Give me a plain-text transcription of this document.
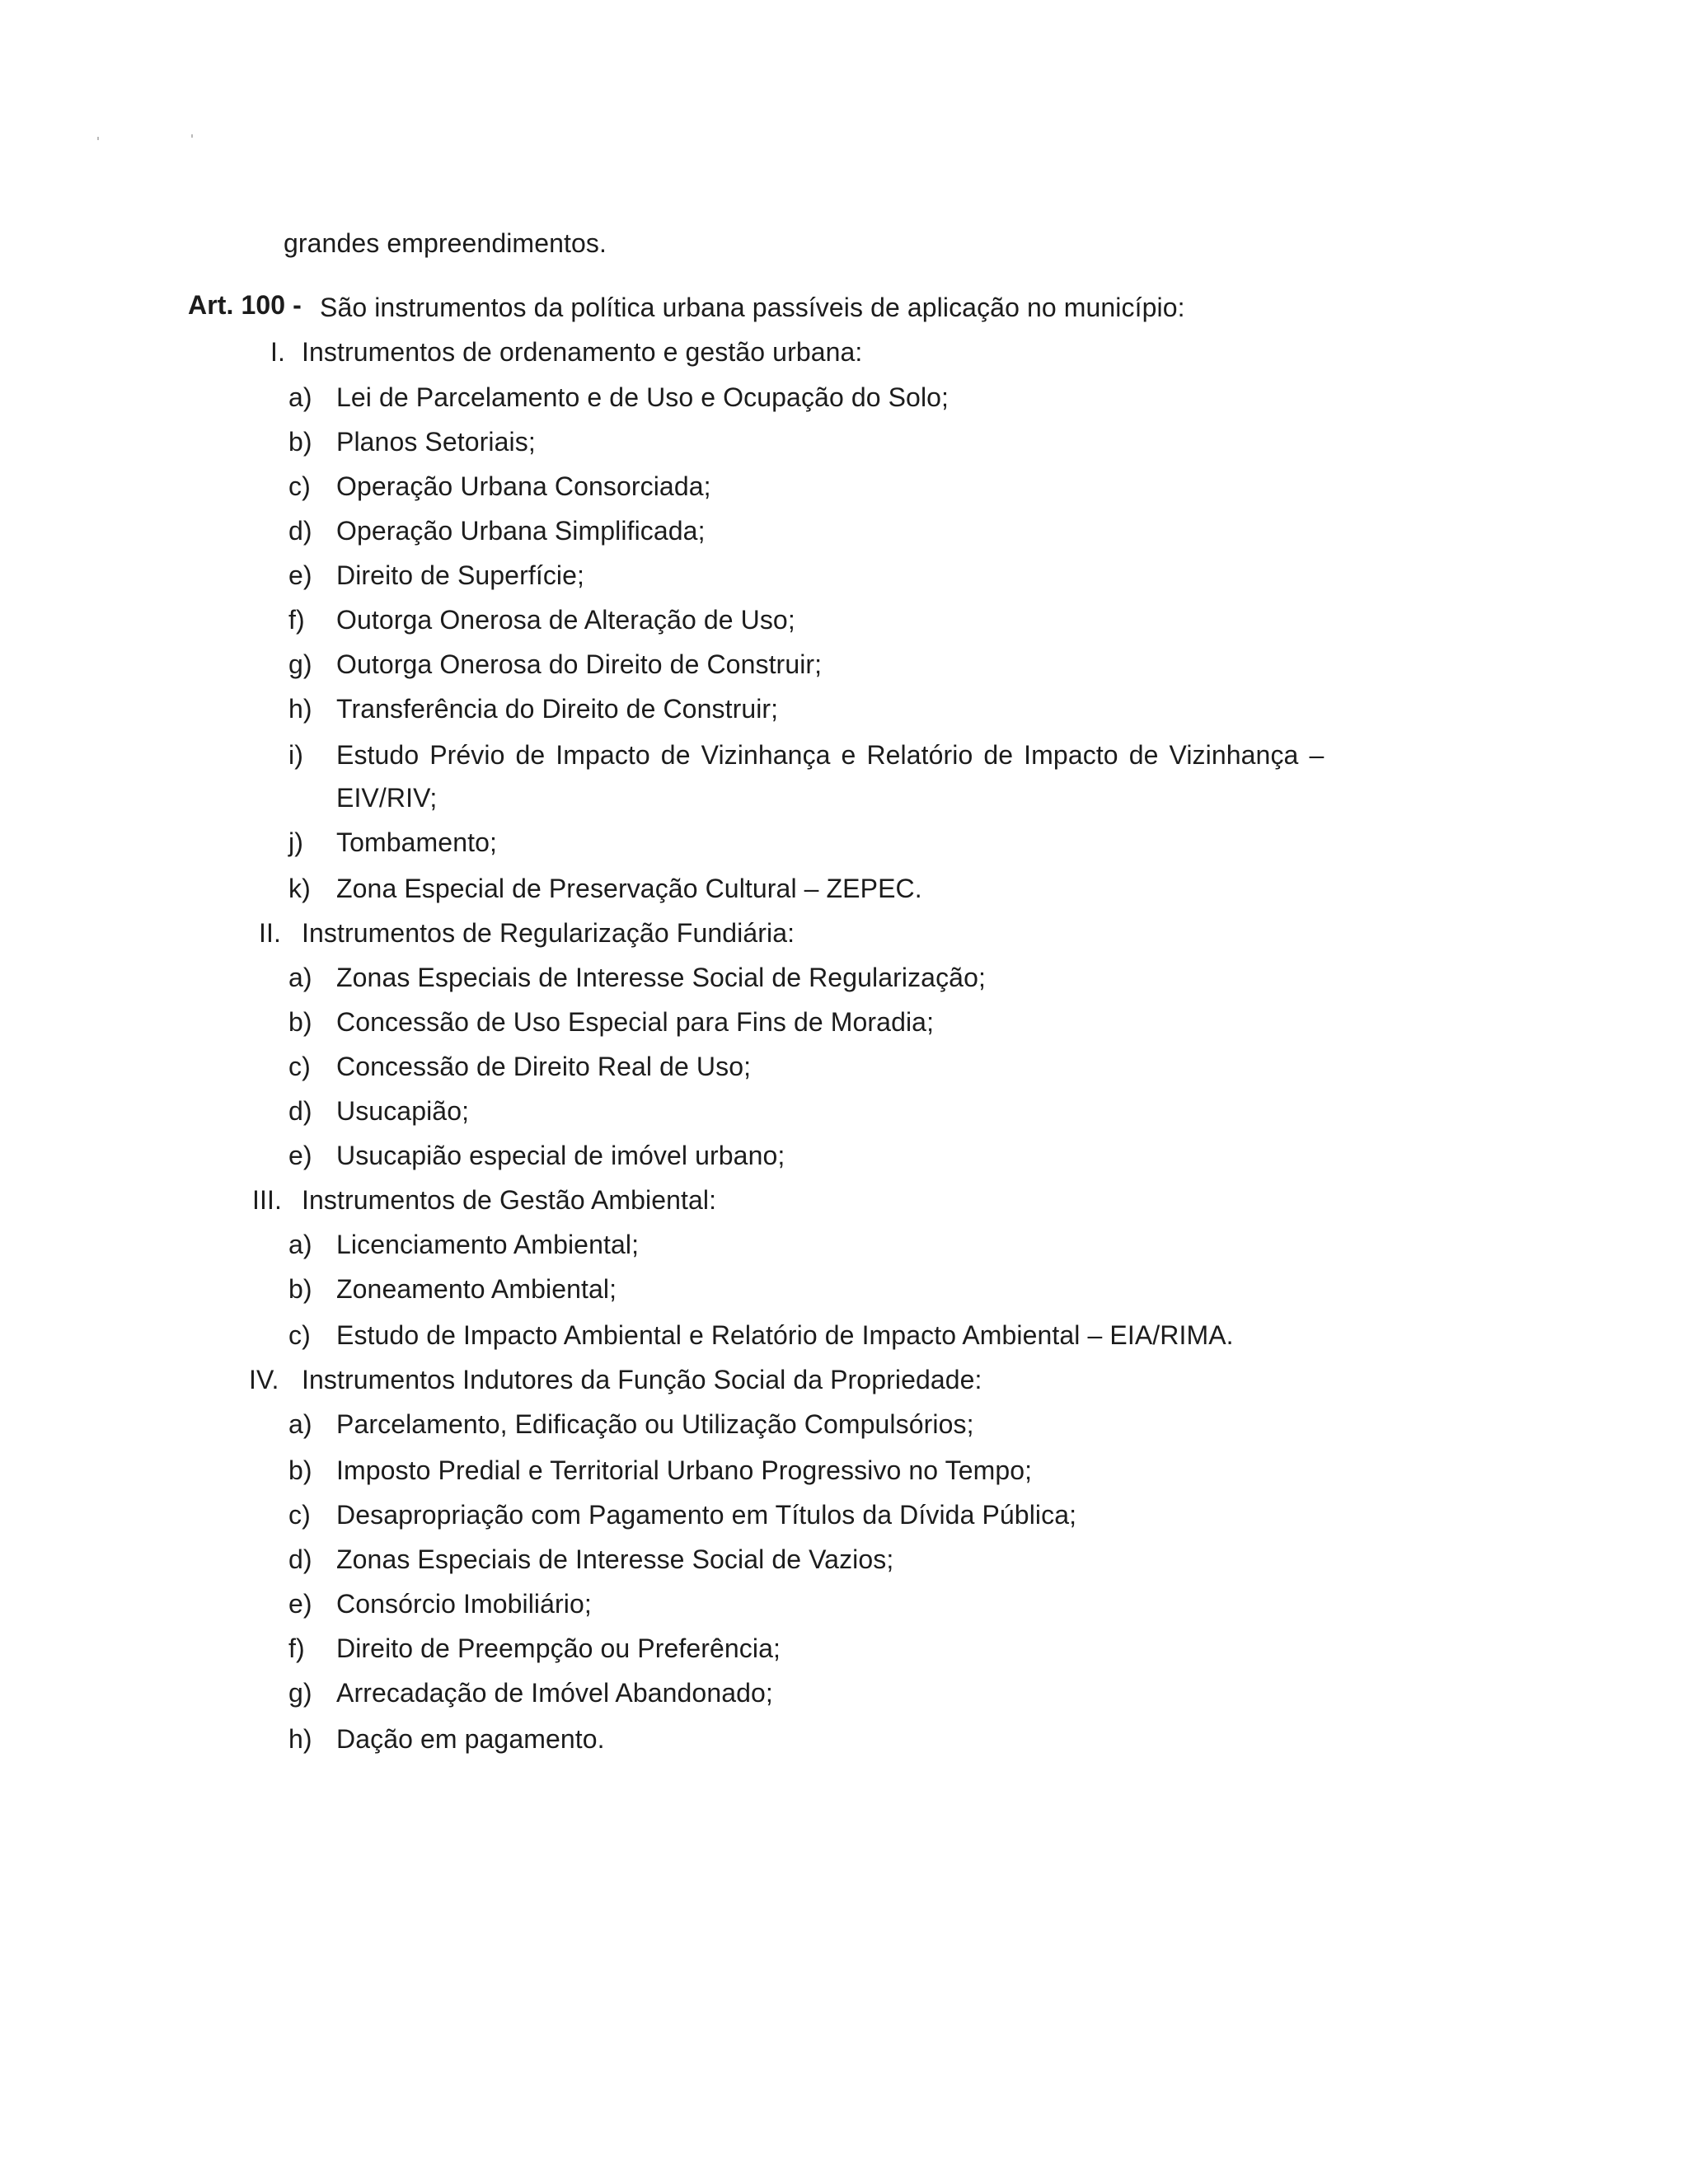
grandes empreendimentos.
Art. 100 - São instrumentos da política urbana passíveis de aplicação no município:
I. Instrumentos de ordenamento e gestão urbana:
a) Lei de Parcelamento e de Uso e Ocupação do Solo;
b) Planos Setoriais;
c) Operação Urbana Consorciada;
d) Operação Urbana Simplificada;
e) Direito de Superfície;
f) Outorga Onerosa de Alteração de Uso;
g) Outorga Onerosa do Direito de Construir;
h) Transferência do Direito de Construir;
i) Estudo Prévio de Impacto de Vizinhança e Relatório de Impacto de Vizinhança –
EIV/RIV;
j) Tombamento;
k) Zona Especial de Preservação Cultural – ZEPEC.
II. Instrumentos de Regularização Fundiária:
a) Zonas Especiais de Interesse Social de Regularização;
b) Concessão de Uso Especial para Fins de Moradia;
c) Concessão de Direito Real de Uso;
d) Usucapião;
e) Usucapião especial de imóvel urbano;
III. Instrumentos de Gestão Ambiental:
a) Licenciamento Ambiental;
b) Zoneamento Ambiental;
c) Estudo de Impacto Ambiental e Relatório de Impacto Ambiental – EIA/RIMA.
IV. Instrumentos Indutores da Função Social da Propriedade:
a) Parcelamento, Edificação ou Utilização Compulsórios;
b) Imposto Predial e Territorial Urbano Progressivo no Tempo;
c) Desapropriação com Pagamento em Títulos da Dívida Pública;
d) Zonas Especiais de Interesse Social de Vazios;
e) Consórcio Imobiliário;
f) Direito de Preempção ou Preferência;
g) Arrecadação de Imóvel Abandonado;
h) Dação em pagamento.
